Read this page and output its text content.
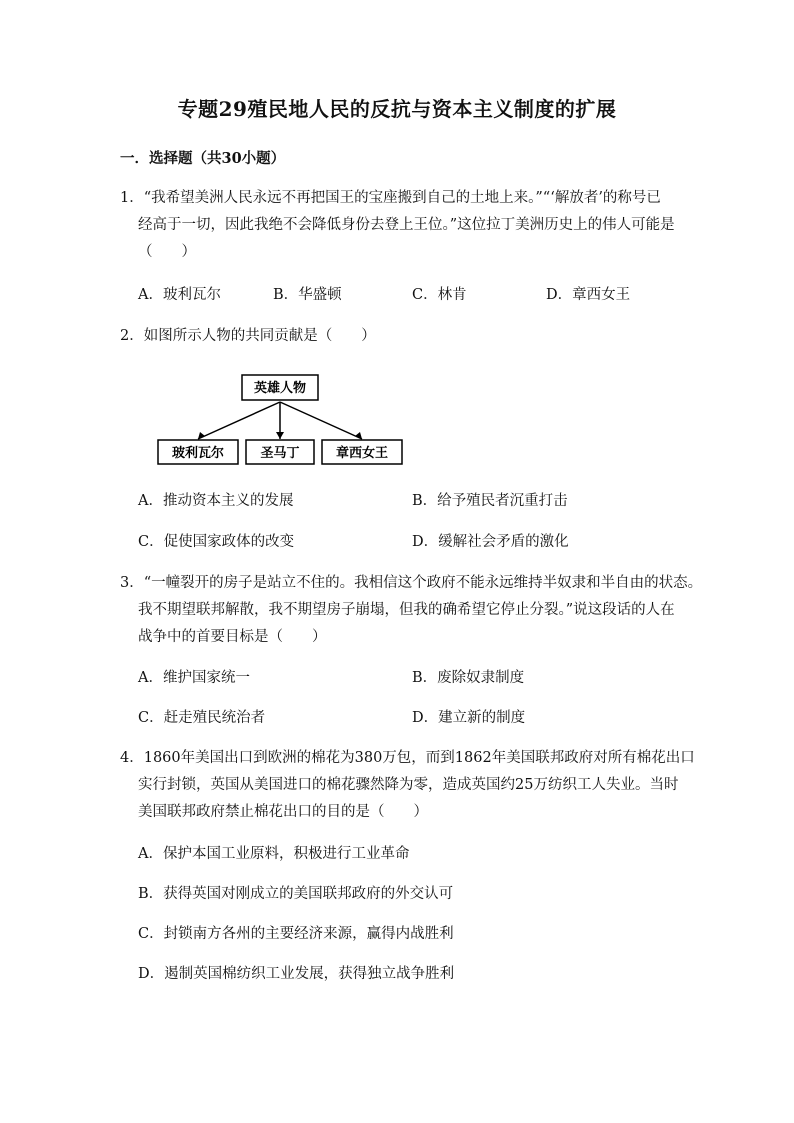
专题29殖民地人民的反抗与资本主义制度的扩展
一．选择题（共30小题）
1．“我希望美洲人民永远不再把国王的宝座搬到自己的土地上来。”“‘解放者’的称号已
经高于一切，因此我绝不会降低身份去登上王位。”这位拉丁美洲历史上的伟人可能是
（　　）
A．玻利瓦尔	B．华盛顿	C．林肯	D．章西女王
2．如图所示人物的共同贡献是（　　）
英雄人物
玻利瓦尔	圣马丁	章西女王
A．推动资本主义的发展	B．给予殖民者沉重打击
C．促使国家政体的改变	D．缓解社会矛盾的激化
3．“一幢裂开的房子是站立不住的。我相信这个政府不能永远维持半奴隶和半自由的状态。
我不期望联邦解散，我不期望房子崩塌，但我的确希望它停止分裂。”说这段话的人在
战争中的首要目标是（　　）
A．维护国家统一	B．废除奴隶制度
C．赶走殖民统治者	D．建立新的制度
4．1860年美国出口到欧洲的棉花为380万包，而到1862年美国联邦政府对所有棉花出口
实行封锁，英国从美国进口的棉花骤然降为零，造成英国约25万纺织工人失业。当时
美国联邦政府禁止棉花出口的目的是（　　）
A．保护本国工业原料，积极进行工业革命
B．获得英国对刚成立的美国联邦政府的外交认可
C．封锁南方各州的主要经济来源，赢得内战胜利
D．遏制英国棉纺织工业发展，获得独立战争胜利
